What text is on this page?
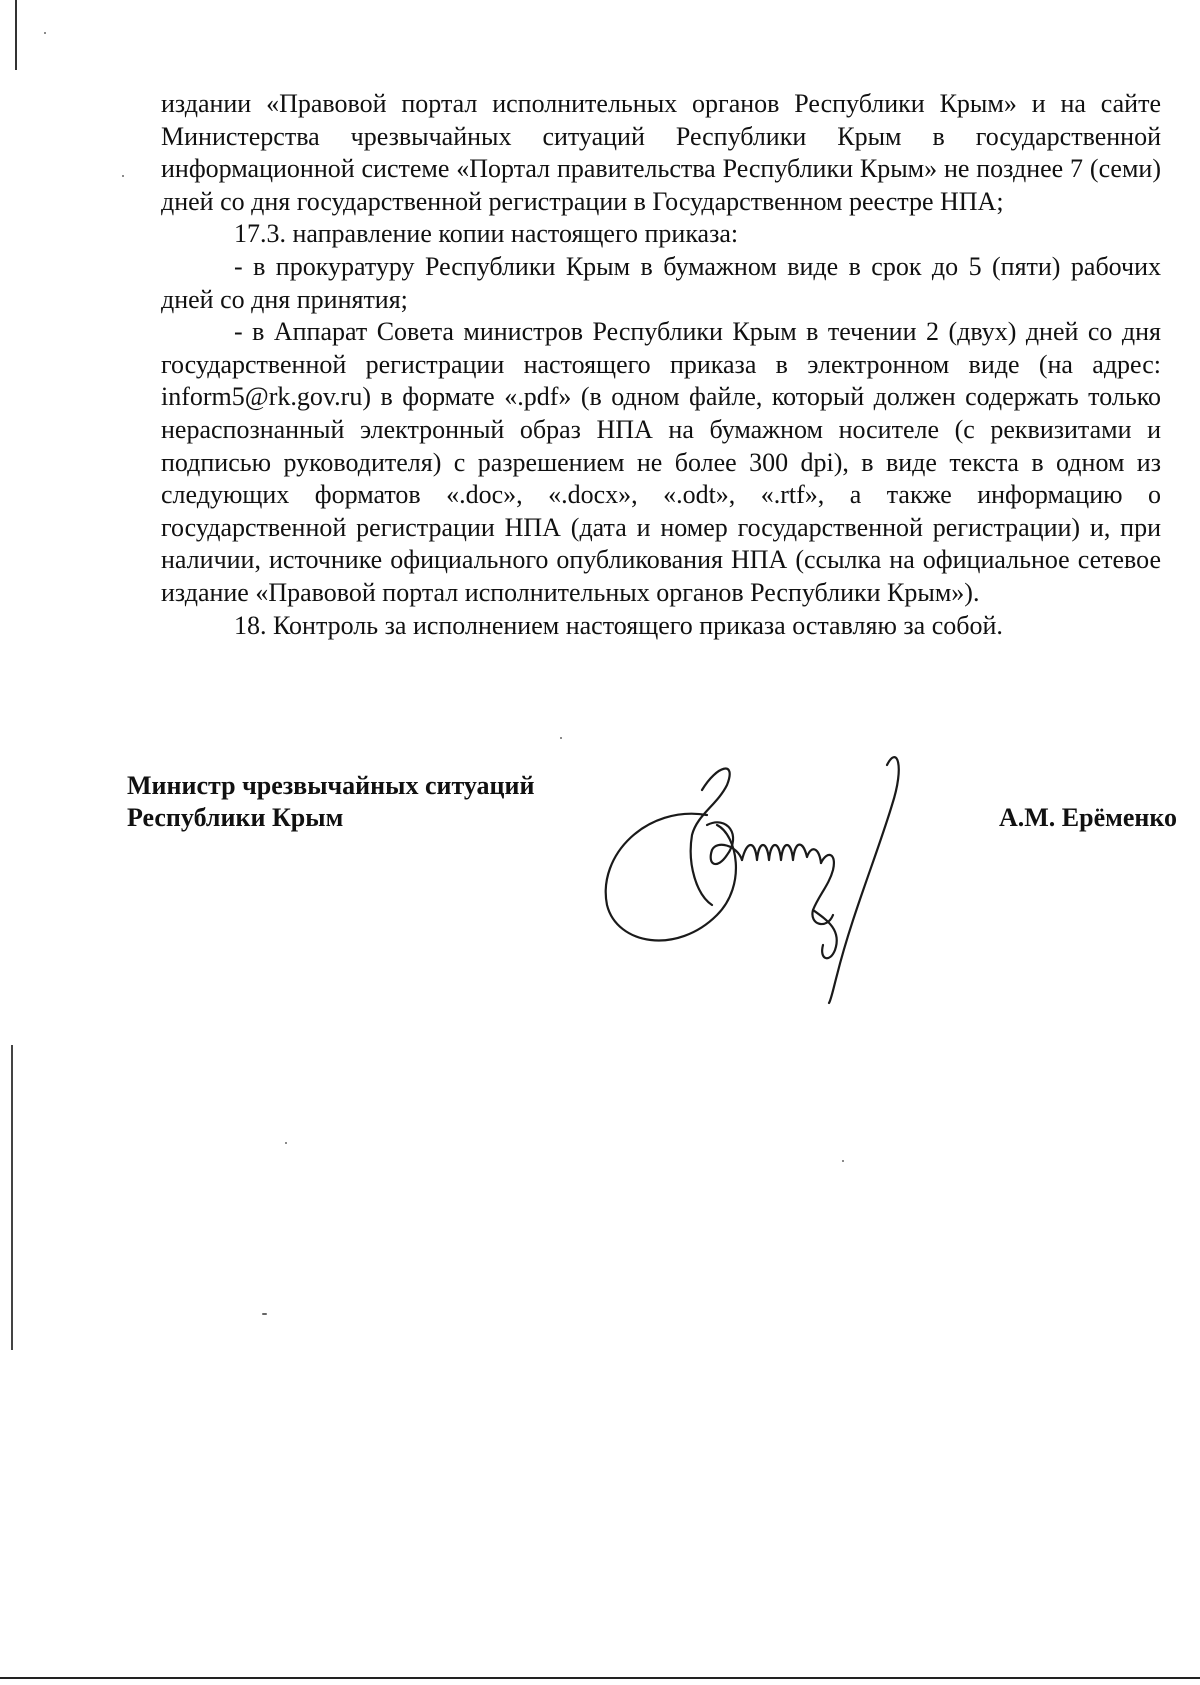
издании «Правовой портал исполнительных органов Республики Крым» и на сайте Министерства чрезвычайных ситуаций Республики Крым в государственной информационной системе «Портал правительства Республики Крым» не позднее 7 (семи) дней со дня государственной регистрации в Государственном реестре НПА;

17.3. направление копии настоящего приказа:

- в прокуратуру Республики Крым в бумажном виде в срок до 5 (пяти) рабочих дней со дня принятия;

- в Аппарат Совета министров Республики Крым в течении 2 (двух) дней со дня государственной регистрации настоящего приказа в электронном виде (на адрес: inform5@rk.gov.ru) в формате «.pdf» (в одном файле, который должен содержать только нераспознанный электронный образ НПА на бумажном носителе (с реквизитами и подписью руководителя) с разрешением не более 300 dpi), в виде текста в одном из следующих форматов «.doc», «.docx», «.odt», «.rtf», а также информацию о государственной регистрации НПА (дата и номер государственной регистрации) и, при наличии, источнике официального опубликования НПА (ссылка на официальное сетевое издание «Правовой портал исполнительных органов Республики Крым»).

18. Контроль за исполнением настоящего приказа оставляю за собой.

Министр чрезвычайных ситуаций
Республики Крым	А.М. Ерёменко
